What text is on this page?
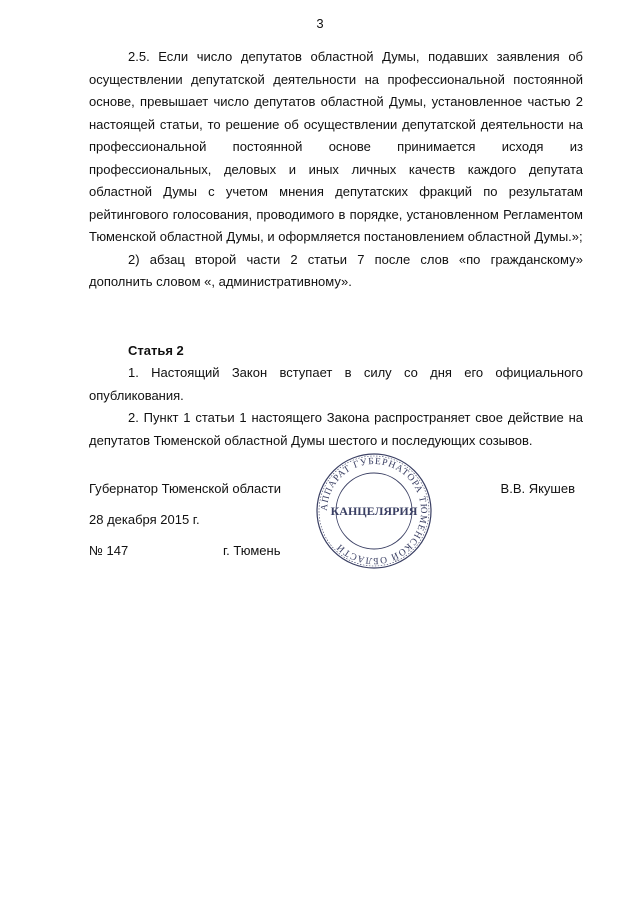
3

2.5. Если число депутатов областной Думы, подавших заявления об осуществлении депутатской деятельности на профессиональной постоянной основе, превышает число депутатов областной Думы, установленное частью 2 настоящей статьи, то решение об осуществлении депутатской деятельности на профессиональной постоянной основе принимается исходя из профессиональных, деловых и иных личных качеств каждого депутата областной Думы с учетом мнения депутатских фракций по результатам рейтингового голосования, проводимого в порядке, установленном Регламентом Тюменской областной Думы, и оформляется постановлением областной Думы.»;

2) абзац второй части 2 статьи 7 после слов «по гражданскому» дополнить словом «, административному».

Статья 2

1. Настоящий Закон вступает в силу со дня его официального опубликования.

2. Пункт 1 статьи 1 настоящего Закона распространяет свое действие на депутатов Тюменской областной Думы шестого и последующих созывов.

Губернатор Тюменской области	В.В. Якушев
28 декабря 2015 г.
№ 147	г. Тюмень
АППАРАТ ГУБЕРНАТОРА ТЮМЕНСКОЙ ОБЛАСТИ
КАНЦЕЛЯРИЯ
